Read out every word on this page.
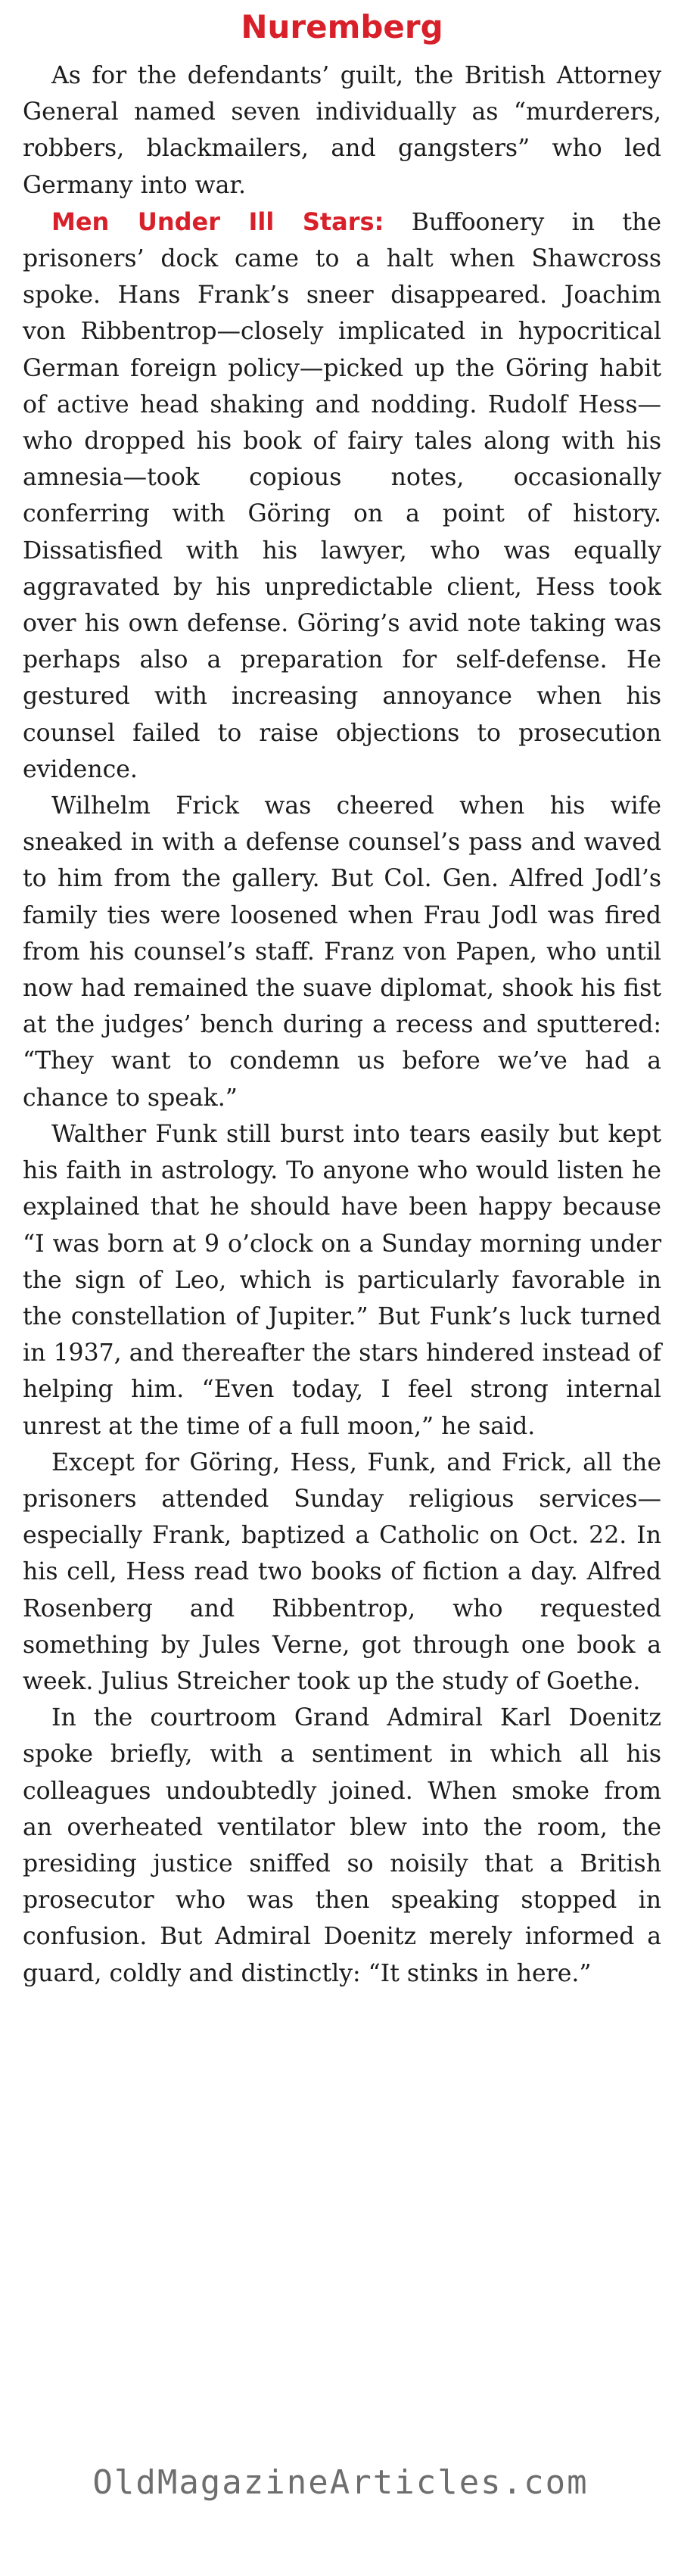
Nuremberg

As for the defendants’ guilt, the British Attorney General named seven individually as “murderers, robbers, blackmailers, and gangsters” who led Germany into war.

Men Under Ill Stars: Buffoonery in the prisoners’ dock came to a halt when Shawcross spoke. Hans Frank’s sneer disappeared. Joachim von Ribbentrop—closely implicated in hypocritical German foreign policy—picked up the Göring habit of active head shaking and nodding. Rudolf Hess—who dropped his book of fairy tales along with his amnesia—took copious notes, occasionally conferring with Göring on a point of history. Dissatisfied with his lawyer, who was equally aggravated by his unpredictable client, Hess took over his own defense. Göring’s avid note taking was perhaps also a preparation for self-defense. He gestured with increasing annoyance when his counsel failed to raise objections to prosecution evidence.

Wilhelm Frick was cheered when his wife sneaked in with a defense counsel’s pass and waved to him from the gallery. But Col. Gen. Alfred Jodl’s family ties were loosened when Frau Jodl was fired from his counsel’s staff. Franz von Papen, who until now had remained the suave diplomat, shook his fist at the judges’ bench during a recess and sputtered: “They want to condemn us before we’ve had a chance to speak.”

Walther Funk still burst into tears easily but kept his faith in astrology. To anyone who would listen he explained that he should have been happy because “I was born at 9 o’clock on a Sunday morning under the sign of Leo, which is particularly favorable in the constellation of Jupiter.” But Funk’s luck turned in 1937, and thereafter the stars hindered instead of helping him. “Even today, I feel strong internal unrest at the time of a full moon,” he said.

Except for Göring, Hess, Funk, and Frick, all the prisoners attended Sunday religious services—especially Frank, baptized a Catholic on Oct. 22. In his cell, Hess read two books of fiction a day. Alfred Rosenberg and Ribbentrop, who requested something by Jules Verne, got through one book a week. Julius Streicher took up the study of Goethe.

In the courtroom Grand Admiral Karl Doenitz spoke briefly, with a sentiment in which all his colleagues undoubtedly joined. When smoke from an overheated ventilator blew into the room, the presiding justice sniffed so noisily that a British prosecutor who was then speaking stopped in confusion. But Admiral Doenitz merely informed a guard, coldly and distinctly: “It stinks in here.”

OldMagazineArticles.com
